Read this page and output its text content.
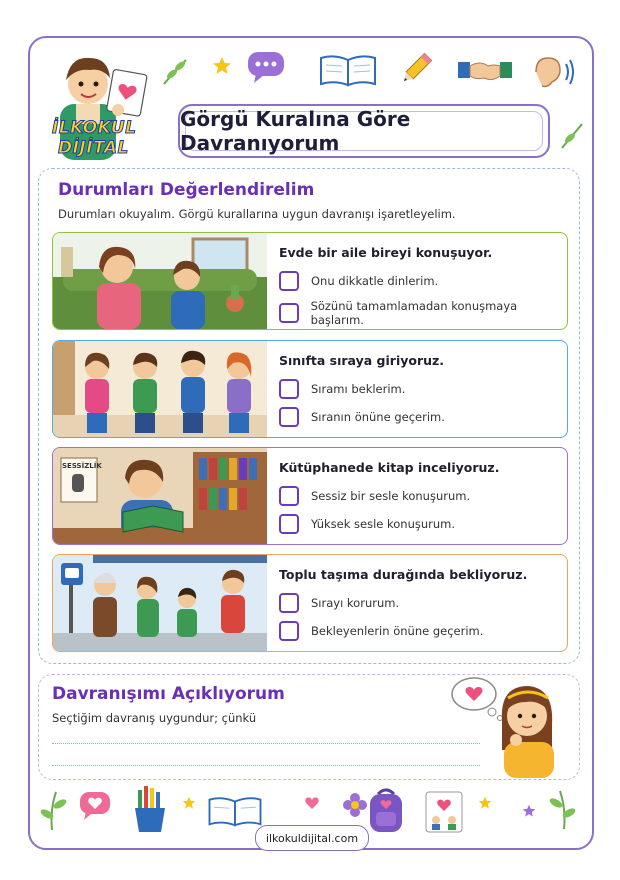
İLKOKUL
DİJİTAL
Görgü Kuralına Göre Davranıyorum
Durumları Değerlendirelim
Durumları okuyalım. Görgü kurallarına uygun davranışı işaretleyelim.
Evde bir aile bireyi konuşuyor.
Onu dikkatle dinlerim.
Sözünü tamamlamadan konuşmaya başlarım.
Sınıfta sıraya giriyoruz.
Sıramı beklerim.
Sıranın önüne geçerim.
SESSİZLİK	Kütüphanede kitap inceliyoruz.
Sessiz bir sesle konuşurum.
Yüksek sesle konuşurum.
Toplu taşıma durağında bekliyoruz.
Sırayı korurum.
Bekleyenlerin önüne geçerim.
Davranışımı Açıklıyorum
Seçtiğim davranış uygundur; çünkü
ilkokuldijital.com
